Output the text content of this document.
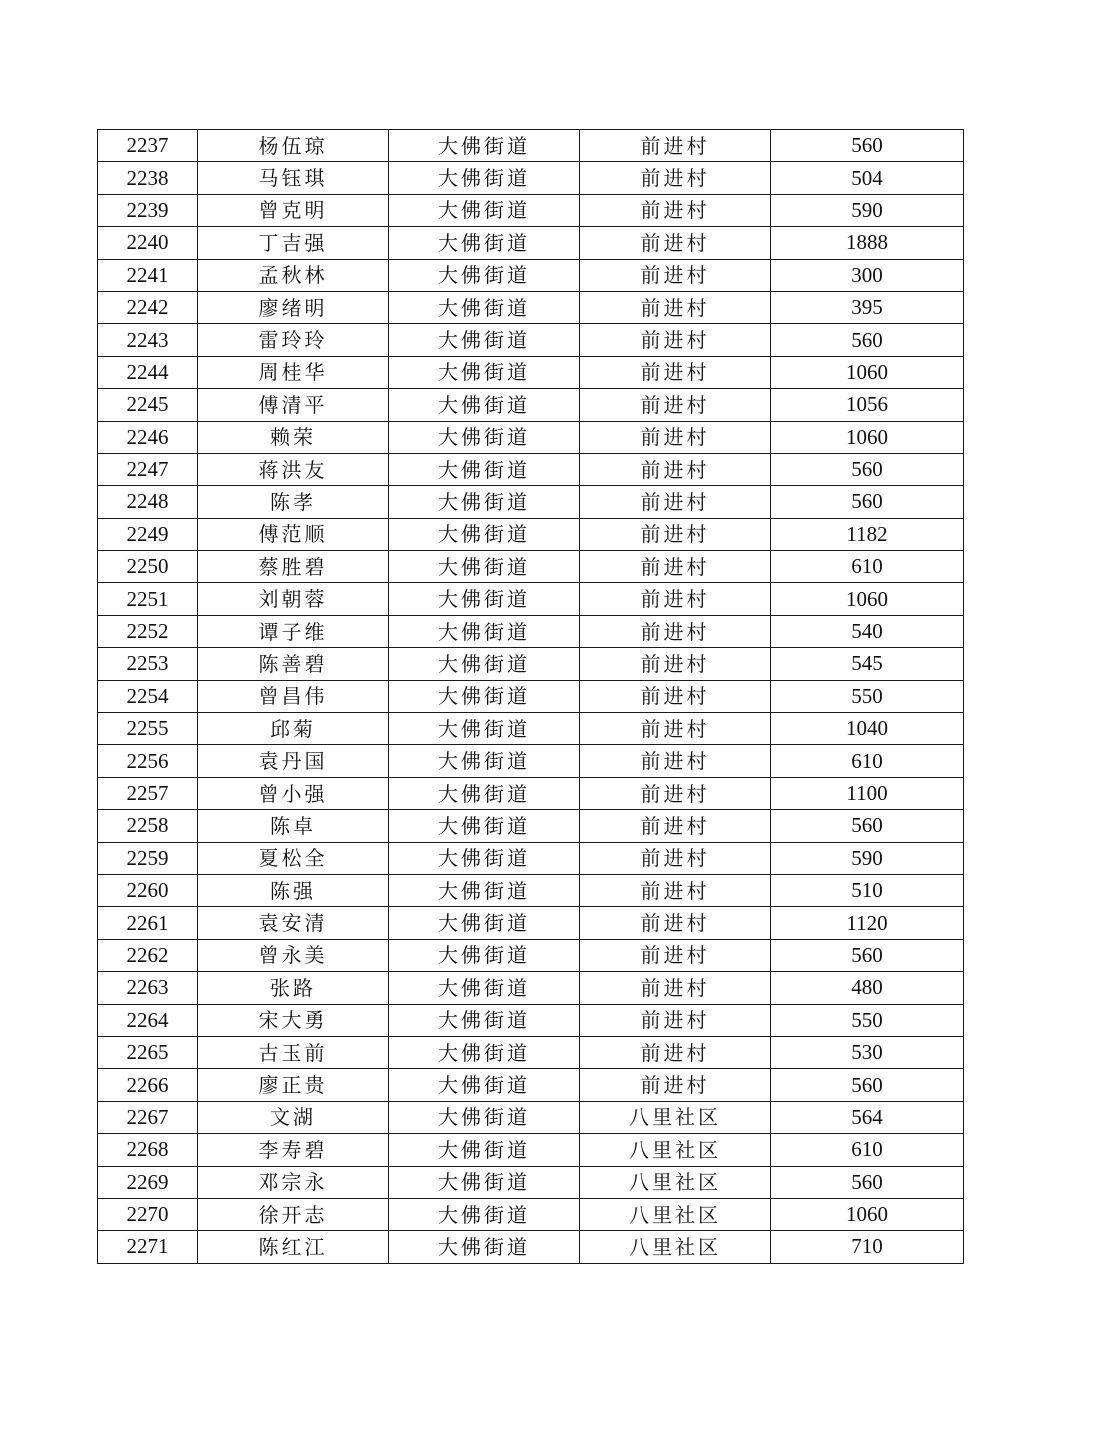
2237	杨伍琼	大佛街道	前进村	560
2238	马钰琪	大佛街道	前进村	504
2239	曾克明	大佛街道	前进村	590
2240	丁吉强	大佛街道	前进村	1888
2241	孟秋林	大佛街道	前进村	300
2242	廖绪明	大佛街道	前进村	395
2243	雷玲玲	大佛街道	前进村	560
2244	周桂华	大佛街道	前进村	1060
2245	傅清平	大佛街道	前进村	1056
2246	赖荣	大佛街道	前进村	1060
2247	蒋洪友	大佛街道	前进村	560
2248	陈孝	大佛街道	前进村	560
2249	傅范顺	大佛街道	前进村	1182
2250	蔡胜碧	大佛街道	前进村	610
2251	刘朝蓉	大佛街道	前进村	1060
2252	谭子维	大佛街道	前进村	540
2253	陈善碧	大佛街道	前进村	545
2254	曾昌伟	大佛街道	前进村	550
2255	邱菊	大佛街道	前进村	1040
2256	袁丹国	大佛街道	前进村	610
2257	曾小强	大佛街道	前进村	1100
2258	陈卓	大佛街道	前进村	560
2259	夏松全	大佛街道	前进村	590
2260	陈强	大佛街道	前进村	510
2261	袁安清	大佛街道	前进村	1120
2262	曾永美	大佛街道	前进村	560
2263	张路	大佛街道	前进村	480
2264	宋大勇	大佛街道	前进村	550
2265	古玉前	大佛街道	前进村	530
2266	廖正贵	大佛街道	前进村	560
2267	文湖	大佛街道	八里社区	564
2268	李寿碧	大佛街道	八里社区	610
2269	邓宗永	大佛街道	八里社区	560
2270	徐开志	大佛街道	八里社区	1060
2271	陈红江	大佛街道	八里社区	710
